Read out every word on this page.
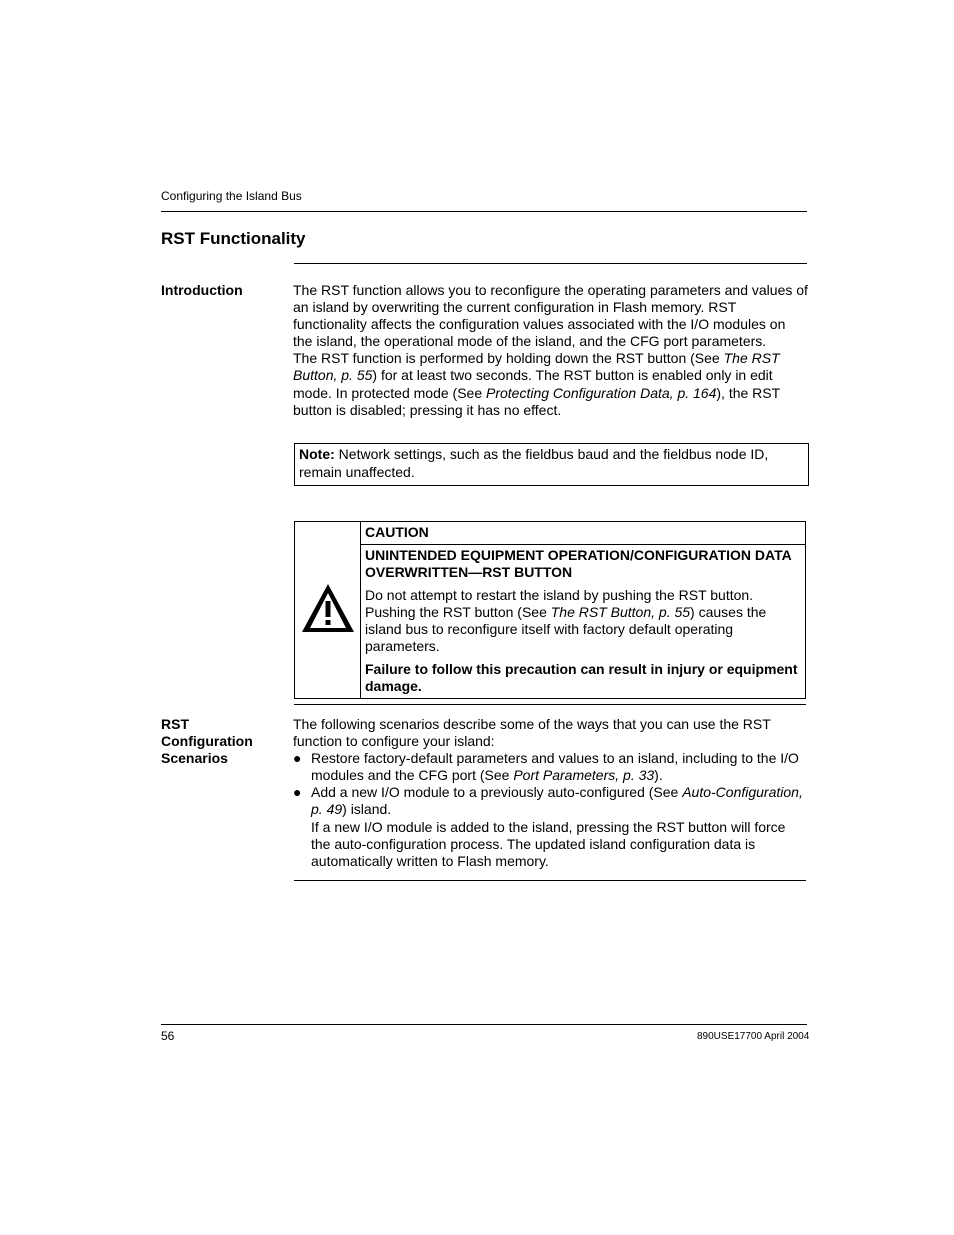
Configuring the Island Bus
RST Functionality
Introduction	The RST function allows you to reconfigure the operating parameters and values of an island by overwriting the current configuration in Flash memory. RST functionality affects the configuration values associated with the I/O modules on the island, the operational mode of the island, and the CFG port parameters.

The RST function is performed by holding down the RST button (See The RST Button, p. 55) for at least two seconds. The RST button is enabled only in edit mode. In protected mode (See Protecting Configuration Data, p. 164), the RST button is disabled; pressing it has no effect.

Note: Network settings, such as the fieldbus baud and the fieldbus node ID, remain unaffected.
	CAUTION

UNINTENDED EQUIPMENT OPERATION/CONFIGURATION DATA OVERWRITTEN—RST BUTTON
Do not attempt to restart the island by pushing the RST button. Pushing the RST button (See The RST Button, p. 55) causes the island bus to reconfigure itself with factory default operating parameters.
Failure to follow this precaution can result in injury or equipment damage.
RST
Configuration
Scenarios

The following scenarios describe some of the ways that you can use the RST function to configure your island:

● Restore factory-default parameters and values to an island, including to the I/O modules and the CFG port (See Port Parameters, p. 33).
● Add a new I/O module to a previously auto-configured (See Auto-Configuration, p. 49) island.
If a new I/O module is added to the island, pressing the RST button will force the auto-configuration process. The updated island configuration data is automatically written to Flash memory.
56	890USE17700 April 2004
